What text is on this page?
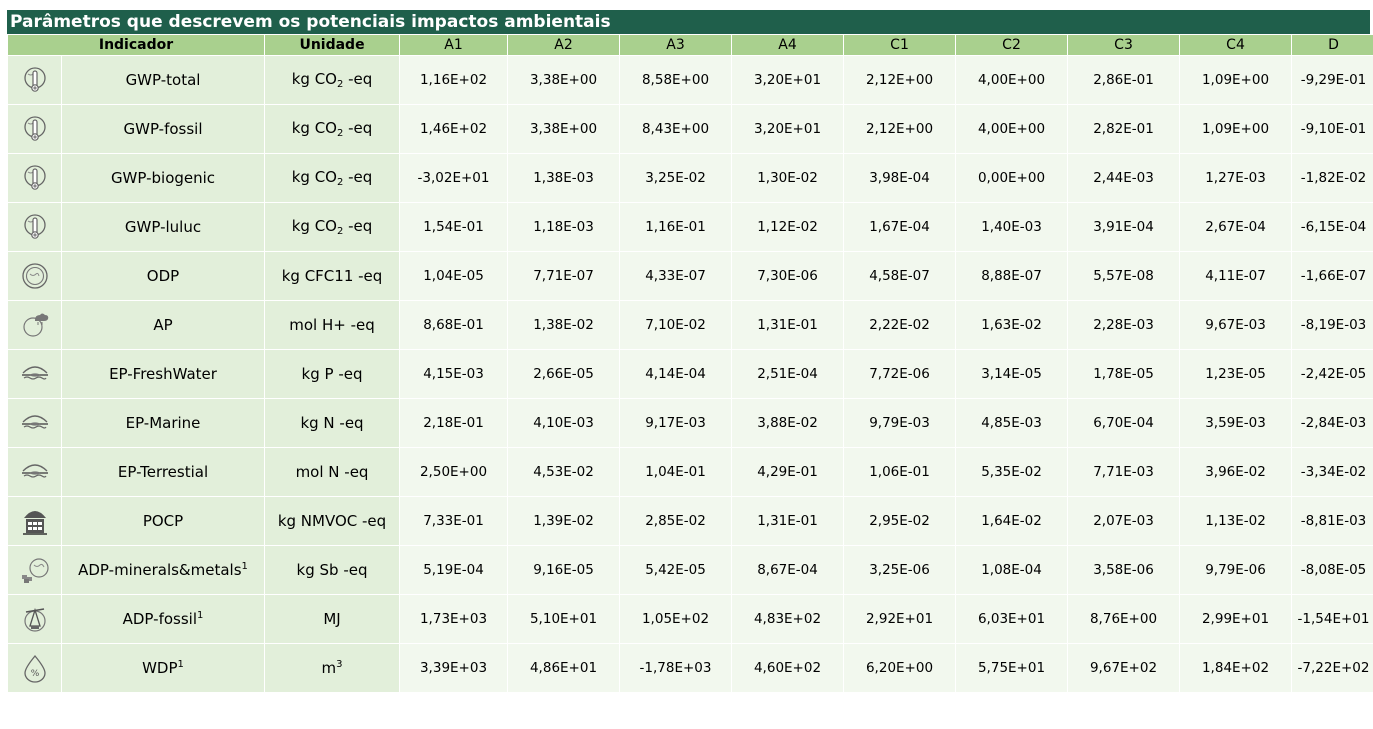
Parâmetros que descrevem os potenciais impactos ambientais
Indicador		Unidade	A1	A2	A3	A4	C1	C2	C3	C4	D
	GWP-total	kg $CO_2$ -eq	1,16E+02	3,38E+00	8,58E+00	3,20E+01	2,12E+00	4,00E+00	2,86E-01	1,09E+00	-9,29E-01
	GWP-fossil	kg $CO_2$ -eq	1,46E+02	3,38E+00	8,43E+00	3,20E+01	2,12E+00	4,00E+00	2,82E-01	1,09E+00	-9,10E-01
	GWP-biogenic	kg $CO_2$ -eq	-3,02E+01	1,38E-03	3,25E-02	1,30E-02	3,98E-04	0,00E+00	2,44E-03	1,27E-03	-1,82E-02
	GWP-luluc	kg $CO_2$ -eq	1,54E-01	1,18E-03	1,16E-01	1,12E-02	1,67E-04	1,40E-03	3,91E-04	2,67E-04	-6,15E-04
	ODP	kg CFC11 -eq	1,04E-05	7,71E-07	4,33E-07	7,30E-06	4,58E-07	8,88E-07	5,57E-08	4,11E-07	-1,66E-07
	AP	mol H+ -eq	8,68E-01	1,38E-02	7,10E-02	1,31E-01	2,22E-02	1,63E-02	2,28E-03	9,67E-03	-8,19E-03
	EP-FreshWater	kg P -eq	4,15E-03	2,66E-05	4,14E-04	2,51E-04	7,72E-06	3,14E-05	1,78E-05	1,23E-05	-2,42E-05
	EP-Marine	kg N -eq	2,18E-01	4,10E-03	9,17E-03	3,88E-02	9,79E-03	4,85E-03	6,70E-04	3,59E-03	-2,84E-03
	EP-Terrestial	mol N -eq	2,50E+00	4,53E-02	1,04E-01	4,29E-01	1,06E-01	5,35E-02	7,71E-03	3,96E-02	-3,34E-02
	POCP	kg NMVOC -eq	7,33E-01	1,39E-02	2,85E-02	1,31E-01	2,95E-02	1,64E-02	2,07E-03	1,13E-02	-8,81E-03
	ADP-minerals&metals$^1$	kg Sb -eq	5,19E-04	9,16E-05	5,42E-05	8,67E-04	3,25E-06	1,08E-04	3,58E-06	9,79E-06	-8,08E-05
	ADP-fossil$^1$	MJ	1,73E+03	5,10E+01	1,05E+02	4,83E+02	2,92E+01	6,03E+01	8,76E+00	2,99E+01	-1,54E+01

%	WDP$^1$	$m^3$	3,39E+03	4,86E+01	-1,78E+03	4,60E+02	6,20E+00	5,75E+01	9,67E+02	1,84E+02	-7,22E+02
